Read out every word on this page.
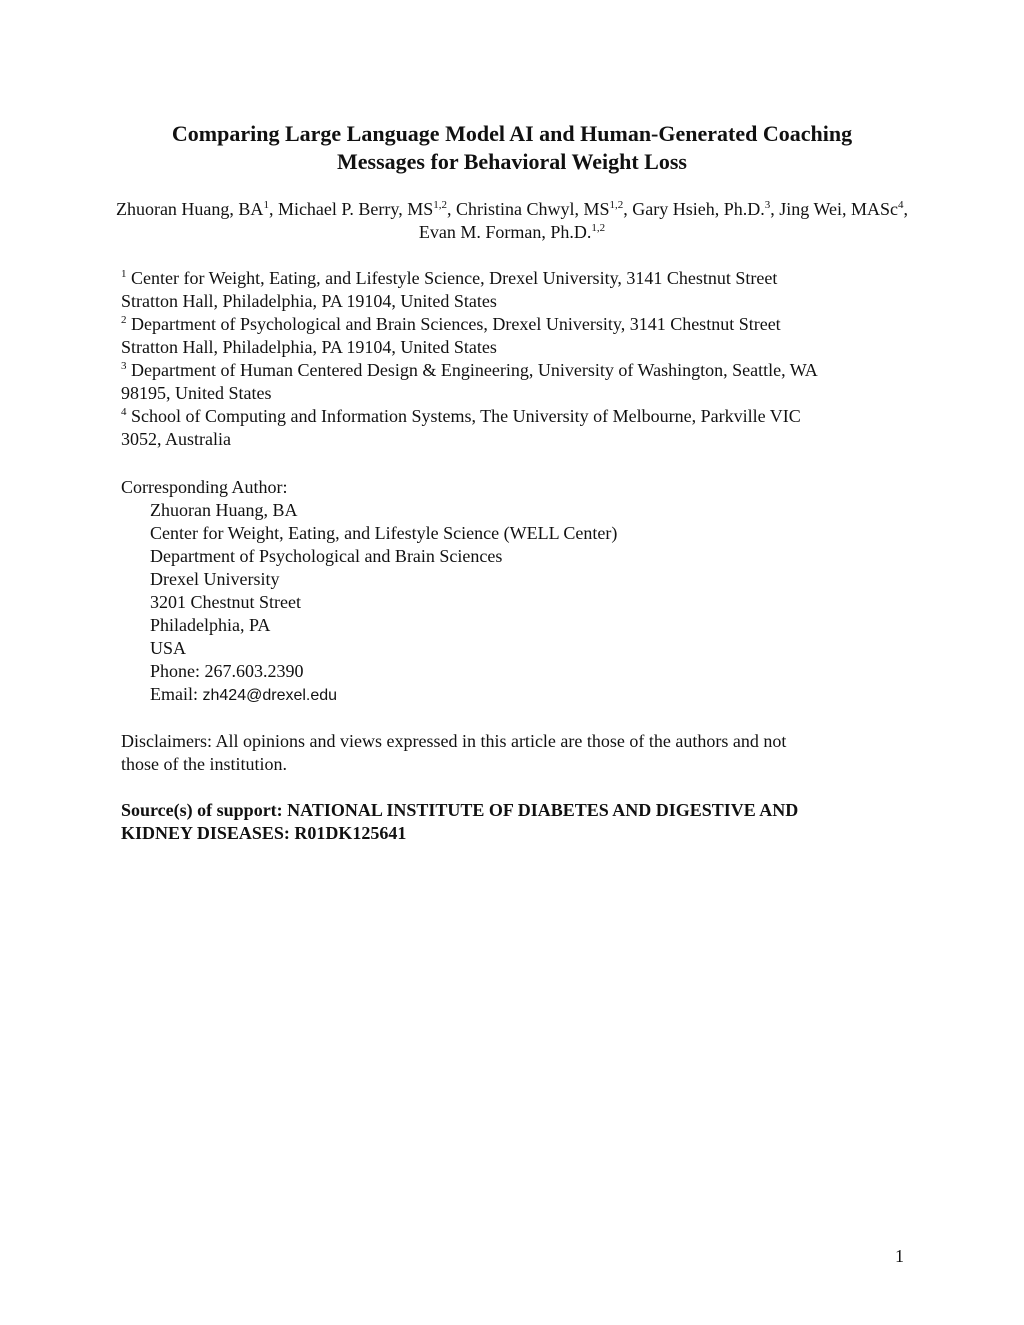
Comparing Large Language Model AI and Human-Generated Coaching
Messages for Behavioral Weight Loss
Zhuoran Huang, $BA^1$, Michael P. Berry, MS$^{1,2}$, Christina Chwyl, MS$^{1,2}$, Gary Hsieh, Ph.D.$^3$, Jing Wei, MASc$^4$, Evan M. Forman, Ph.D.$^{1,2}$
$^1$ Center for Weight, Eating, and Lifestyle Science, Drexel University, 3141 Chestnut Street
Stratton Hall, Philadelphia, PA 19104, United States
$^2$ Department of Psychological and Brain Sciences, Drexel University, 3141 Chestnut Street
Stratton Hall, Philadelphia, PA 19104, United States
$^3$ Department of Human Centered Design & Engineering, University of Washington, Seattle, WA
98195, United States
$^4$ School of Computing and Information Systems, The University of Melbourne, Parkville VIC
3052, Australia
Corresponding Author:
Zhuoran Huang, BA
Center for Weight, Eating, and Lifestyle Science (WELL Center)
Department of Psychological and Brain Sciences
Drexel University
3201 Chestnut Street
Philadelphia, PA
USA
Phone: 267.603.2390
Email: zh424@drexel.edu
Disclaimers: All opinions and views expressed in this article are those of the authors and not
those of the institution.
Source(s) of support: NATIONAL INSTITUTE OF DIABETES AND DIGESTIVE AND
KIDNEY DISEASES: R01DK125641
1
